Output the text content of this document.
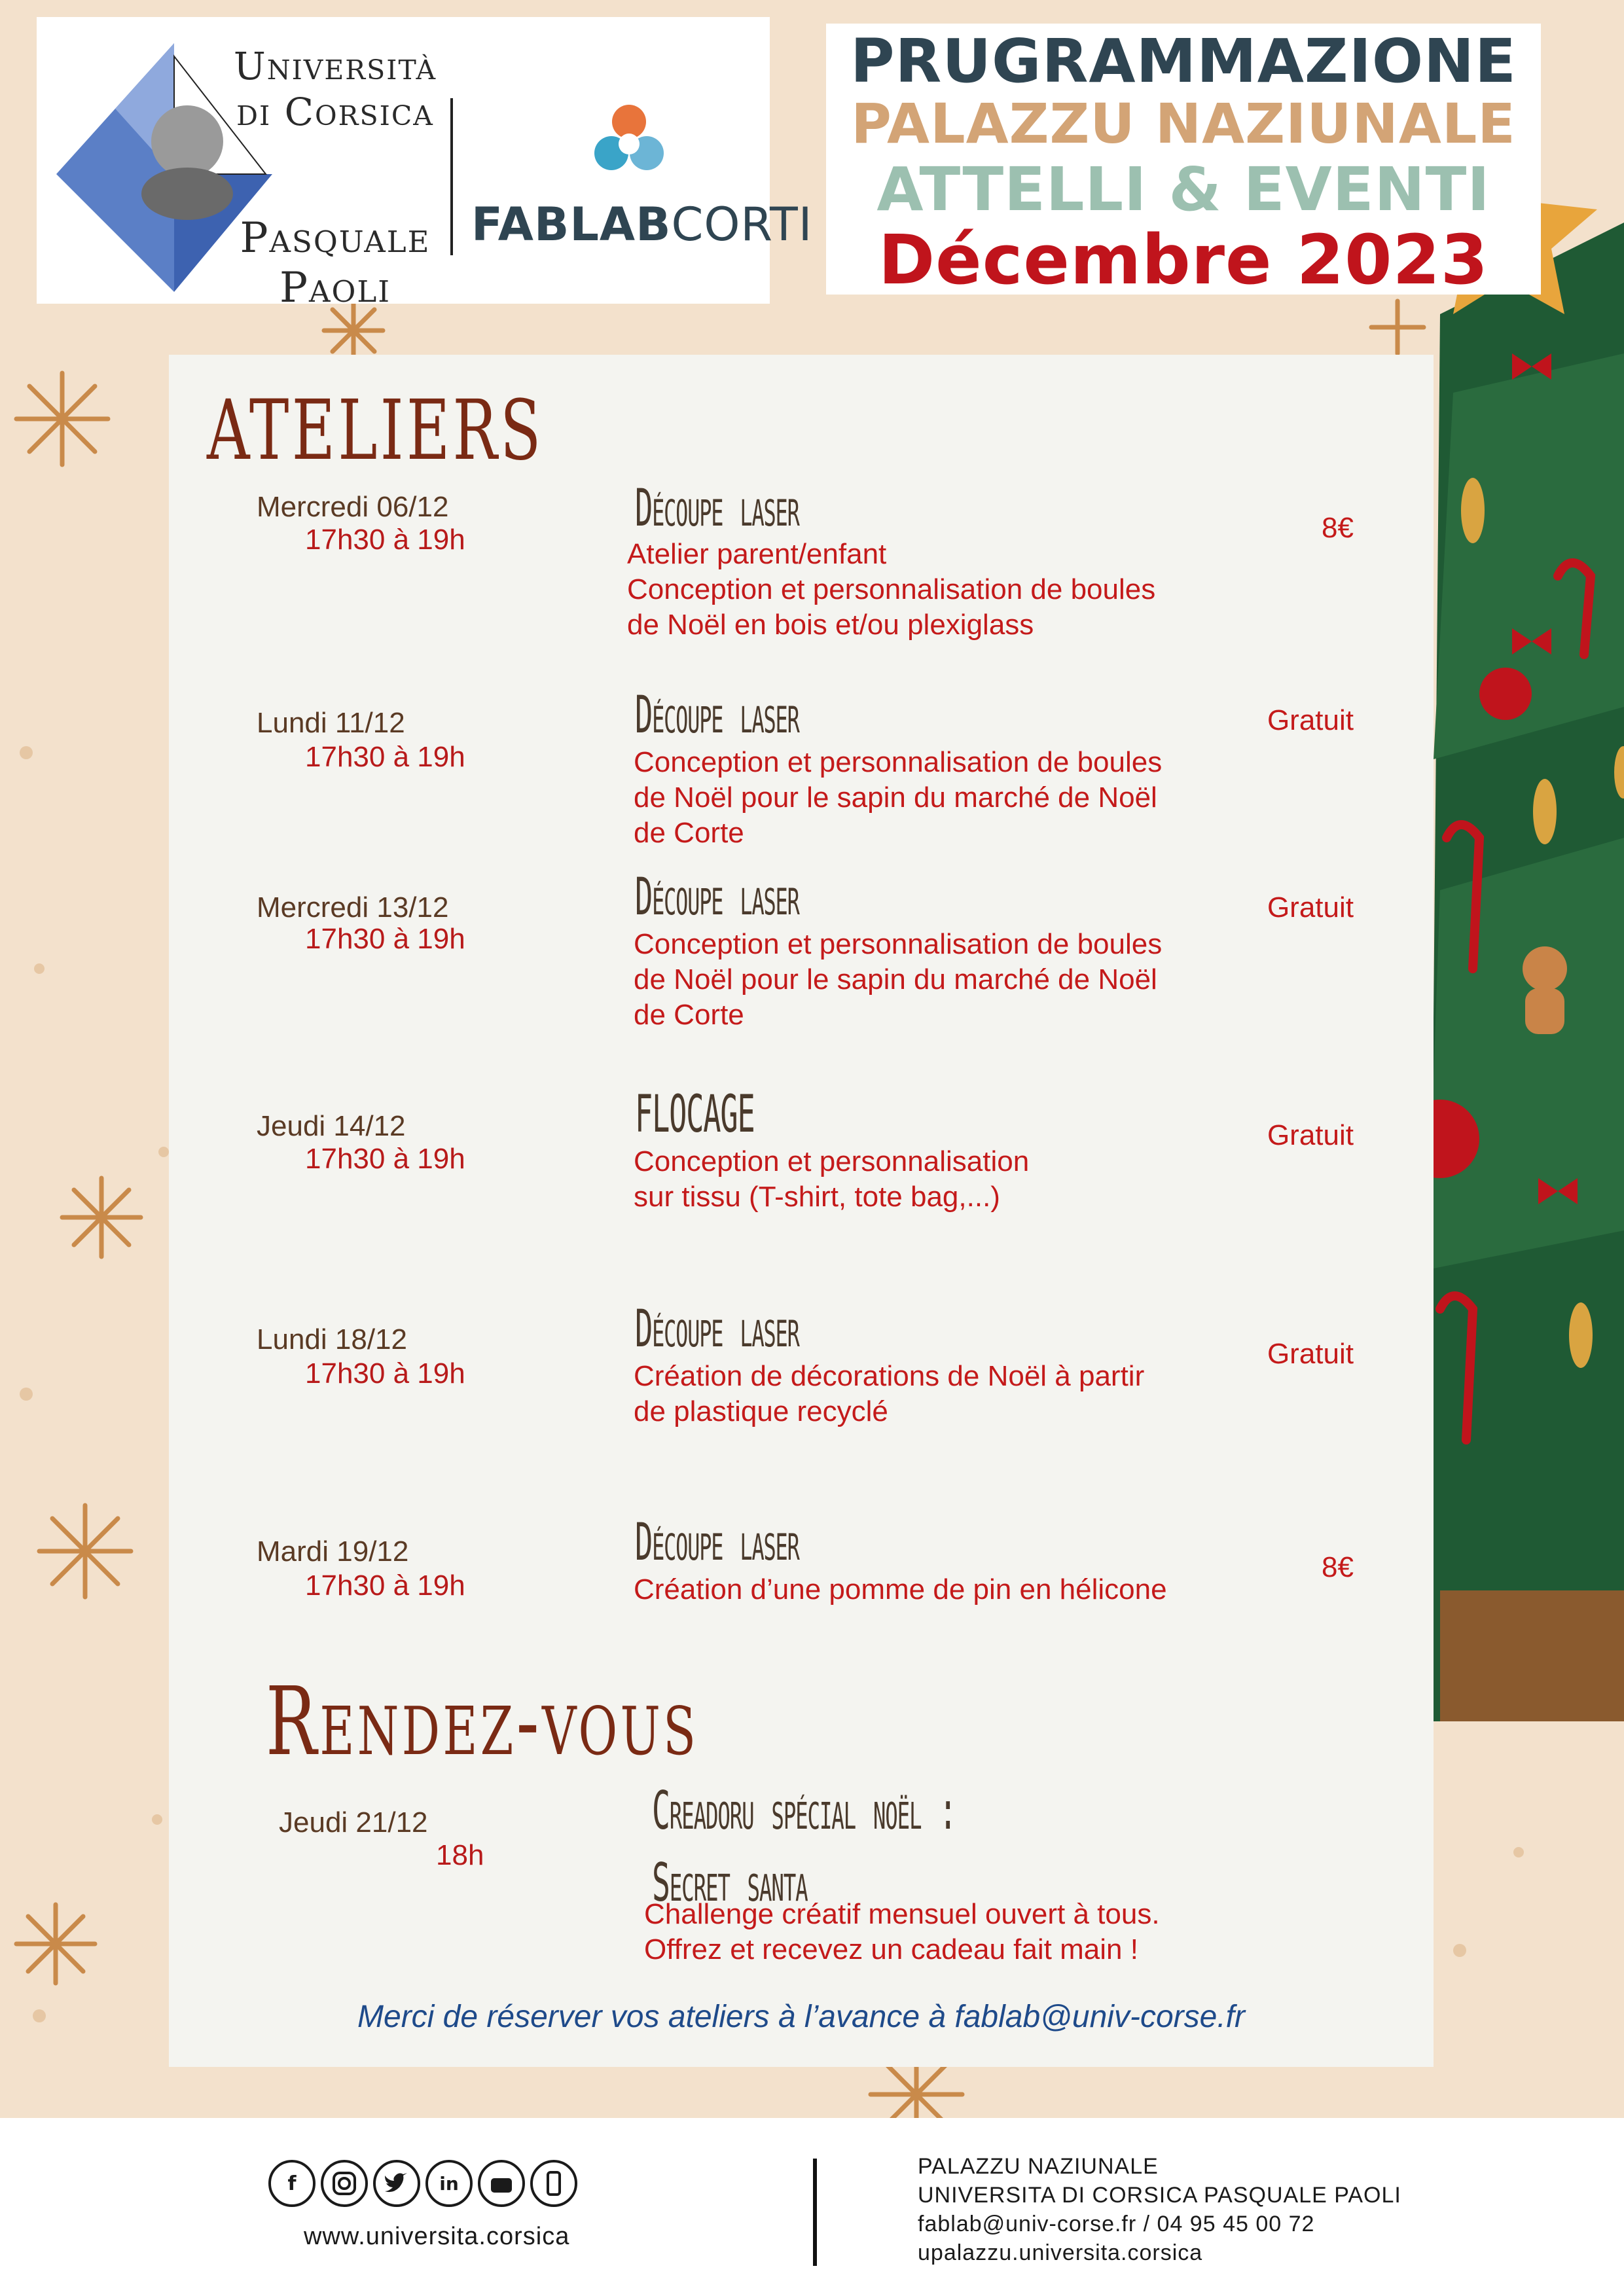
Università
di Corsica
Pasquale
Paoli
FABLABCORTI
PRUGRAMMAZIONE
PALAZZU NAZIUNALE
ATTELLI & EVENTI
Décembre 2023
ATELIERS
Mercredi 06/12
17h30 à 19h
Découpe laser
Atelier parent/enfant
Conception et personnalisation de boules
de Noël en bois et/ou plexiglass
8€
Lundi 11/12
17h30 à 19h
Découpe laser
Conception et personnalisation de boules
de Noël pour le sapin du marché de Noël
de Corte
Gratuit
Mercredi 13/12
17h30 à 19h
Découpe laser
Conception et personnalisation de boules
de Noël pour le sapin du marché de Noël
de Corte
Gratuit
Jeudi 14/12
17h30 à 19h
FLOCAGE
Conception et personnalisation
sur tissu (T-shirt, tote bag,...)
Gratuit
Lundi 18/12
17h30 à 19h
Découpe laser
Création de décorations de Noël à partir
de plastique recyclé
Gratuit
Mardi 19/12
17h30 à 19h
Découpe laser
Création d’une pomme de pin en hélicone
8€
Rendez-vous
Jeudi 21/12
18h
Creadoru spécial noël :
Secret santa
Challenge créatif mensuel ouvert à tous.
Offrez et recevez un cadeau fait main !
Merci de réserver vos ateliers à l’avance à fablab@univ-corse.fr
f	in
www.universita.corsica
PALAZZU NAZIUNALE
UNIVERSITA DI CORSICA PASQUALE PAOLI
fablab@univ-corse.fr / 04 95 45 00 72
upalazzu.universita.corsica
